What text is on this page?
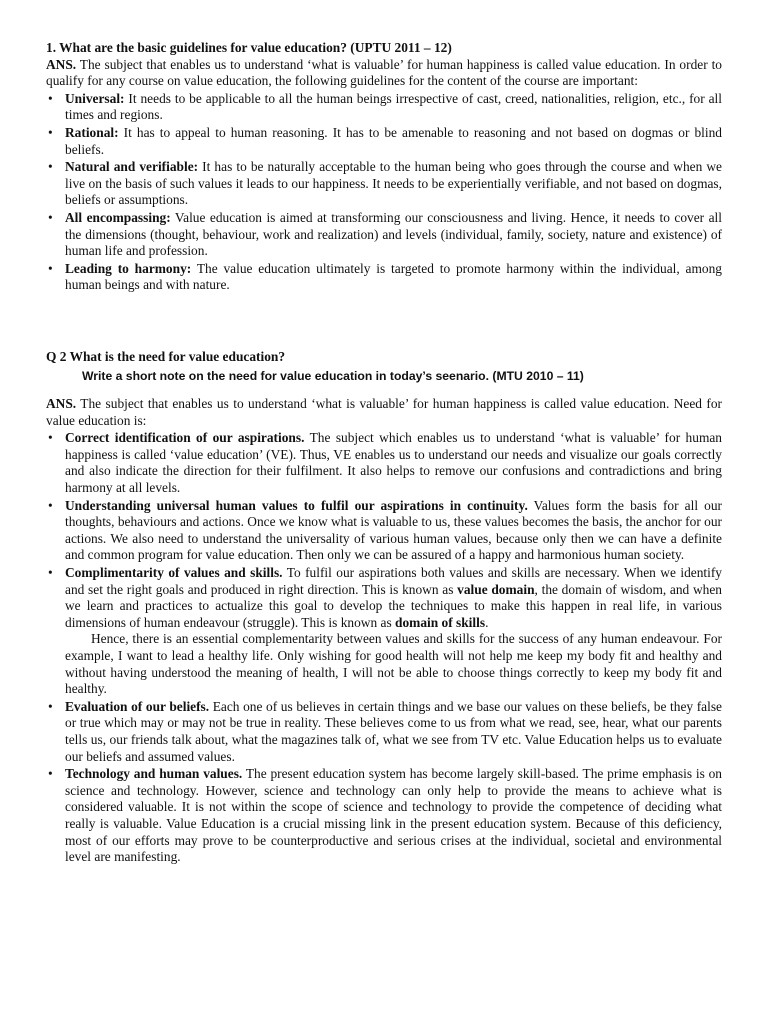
1. What are the basic guidelines for value education? (UPTU 2011 – 12)

ANS. The subject that enables us to understand ‘what is valuable’ for human happiness is called value education. In order to qualify for any course on value education, the following guidelines for the content of the course are important:

• Universal: It needs to be applicable to all the human beings irrespective of cast, creed, nationalities, religion, etc., for all times and regions.
• Rational: It has to appeal to human reasoning. It has to be amenable to reasoning and not based on dogmas or blind beliefs.
• Natural and verifiable: It has to be naturally acceptable to the human being who goes through the course and when we live on the basis of such values it leads to our happiness. It needs to be experientially verifiable, and not based on dogmas, beliefs or assumptions.
• All encompassing: Value education is aimed at transforming our consciousness and living. Hence, it needs to cover all the dimensions (thought, behaviour, work and realization) and levels (individual, family, society, nature and existence) of human life and profession.
• Leading to harmony: The value education ultimately is targeted to promote harmony within the individual, among human beings and with nature.

Q 2 What is the need for value education?

Write a short note on the need for value education in today’s seenario. (MTU 2010 – 11)

ANS. The subject that enables us to understand ‘what is valuable’ for human happiness is called value education. Need for value education is:

• Correct identification of our aspirations. The subject which enables us to understand ‘what is valuable’ for human happiness is called ‘value education’ (VE). Thus, VE enables us to understand our needs and visualize our goals correctly and also indicate the direction for their fulfilment. It also helps to remove our confusions and contradictions and bring harmony at all levels.
• Understanding universal human values to fulfil our aspirations in continuity. Values form the basis for all our thoughts, behaviours and actions. Once we know what is valuable to us, these values becomes the basis, the anchor for our actions. We also need to understand the universality of various human values, because only then we can have a definite and common program for value education. Then only we can be assured of a happy and harmonious human society.
• Complimentarity of values and skills. To fulfil our aspirations both values and skills are necessary. When we identify and set the right goals and produced in right direction. This is known as value domain, the domain of wisdom, and when we learn and practices to actualize this goal to develop the techniques to make this happen in real life, in various dimensions of human endeavour (struggle). This is known as domain of skills.

Hence, there is an essential complementarity between values and skills for the success of any human endeavour. For example, I want to lead a healthy life. Only wishing for good health will not help me keep my body fit and healthy and without having understood the meaning of health, I will not be able to choose things correctly to keep my body fit and healthy.

• Evaluation of our beliefs. Each one of us believes in certain things and we base our values on these beliefs, be they false or true which may or may not be true in reality. These believes come to us from what we read, see, hear, what our parents tells us, our friends talk about, what the magazines talk of, what we see from TV etc. Value Education helps us to evaluate our beliefs and assumed values.
• Technology and human values. The present education system has become largely skill-based. The prime emphasis is on science and technology. However, science and technology can only help to provide the means to achieve what is considered valuable. It is not within the scope of science and technology to provide the competence of deciding what really is valuable. Value Education is a crucial missing link in the present education system. Because of this deficiency, most of our efforts may prove to be counterproductive and serious crises at the individual, societal and environmental level are manifesting.
